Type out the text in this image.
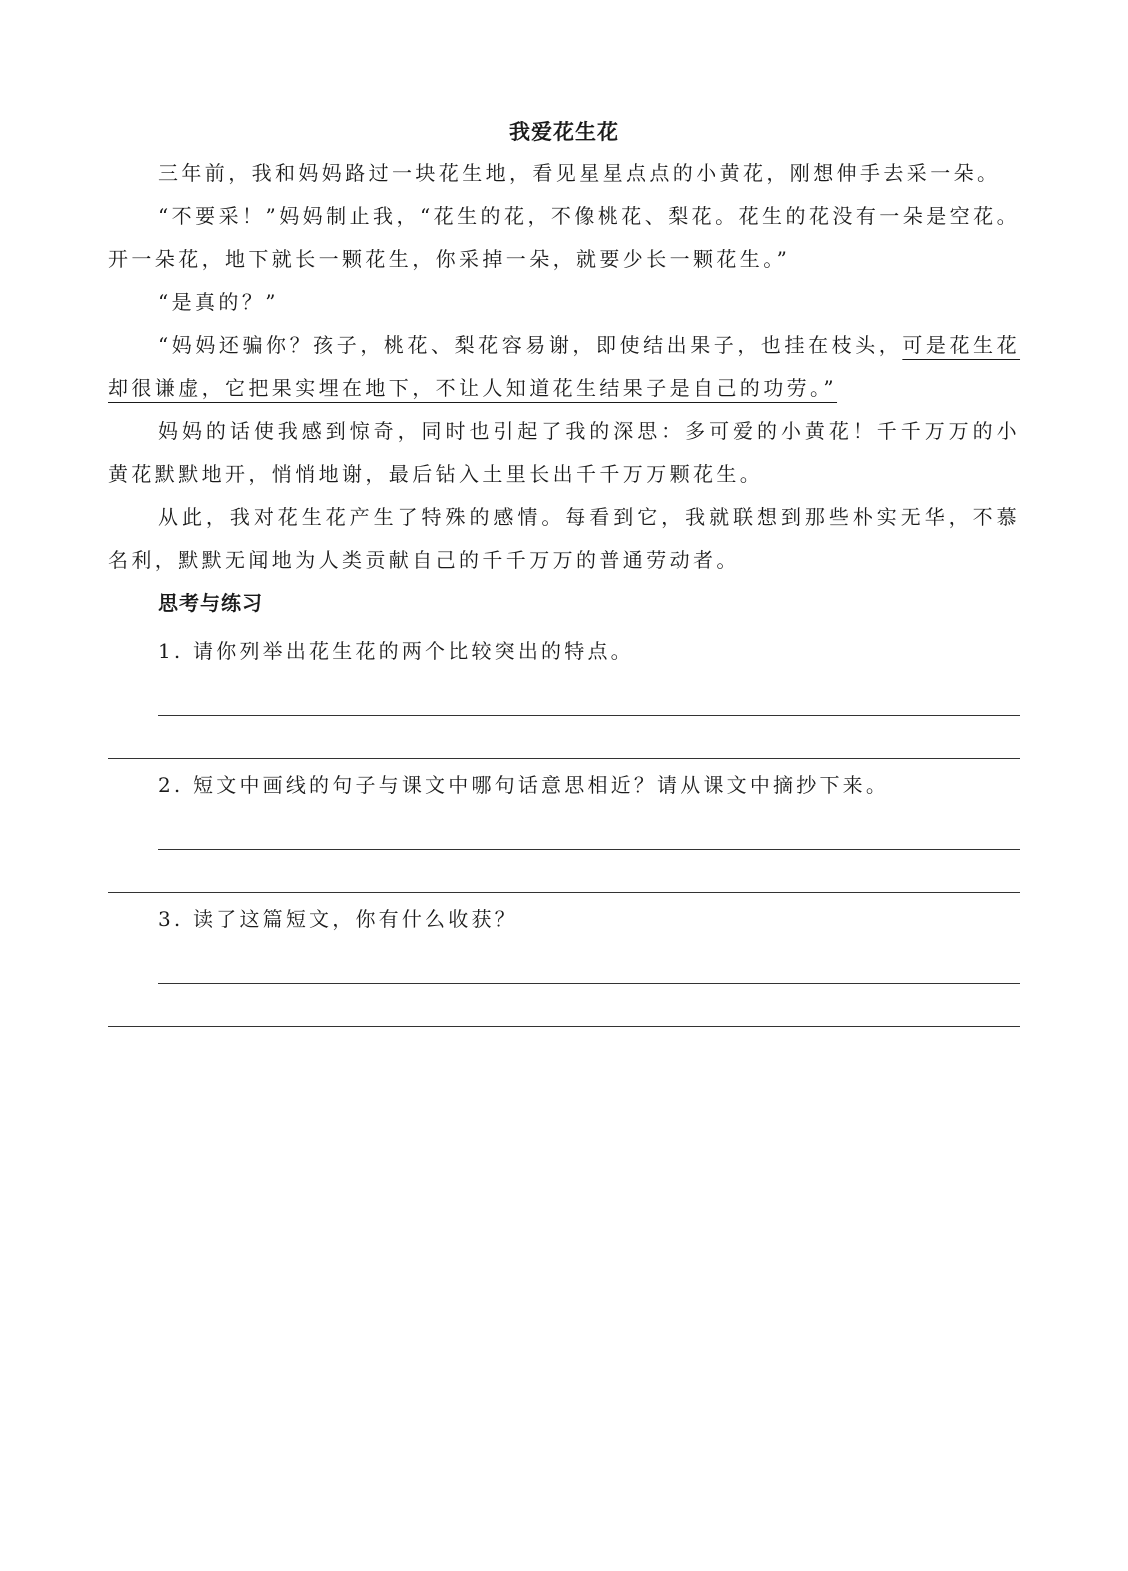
我爱花生花

三年前，我和妈妈路过一块花生地，看见星星点点的小黄花，刚想伸手去采一朵。

“不要采！”妈妈制止我，“花生的花，不像桃花、梨花。花生的花没有一朵是空花。开一朵花，地下就长一颗花生，你采掉一朵，就要少长一颗花生。”

“是真的？”

“妈妈还骗你？孩子，桃花、梨花容易谢，即使结出果子，也挂在枝头，可是花生花却很谦虚，它把果实埋在地下，不让人知道花生结果子是自己的功劳。”

妈妈的话使我感到惊奇，同时也引起了我的深思：多可爱的小黄花！千千万万的小黄花默默地开，悄悄地谢，最后钻入土里长出千千万万颗花生。

从此，我对花生花产生了特殊的感情。每看到它，我就联想到那些朴实无华，不慕名利，默默无闻地为人类贡献自己的千千万万的普通劳动者。

思考与练习

1. 请你列举出花生花的两个比较突出的特点。

2. 短文中画线的句子与课文中哪句话意思相近？请从课文中摘抄下来。

3. 读了这篇短文，你有什么收获？
